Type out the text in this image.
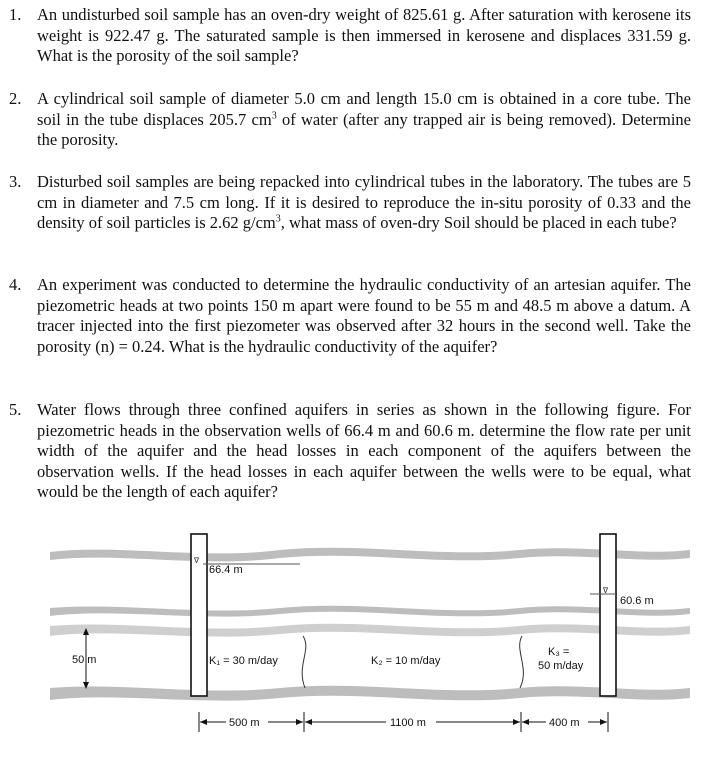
1. An undisturbed soil sample has an oven-dry weight of 825.61 g. After saturation with kerosene its weight is 922.47 g. The saturated sample is then immersed in kerosene and displaces 331.59 g. What is the porosity of the soil sample?
2. A cylindrical soil sample of diameter 5.0 cm and length 15.0 cm is obtained in a core tube. The soil in the tube displaces 205.7 $cm^3$ of water (after any trapped air is being removed). Determine the porosity.
3. Disturbed soil samples are being repacked into cylindrical tubes in the laboratory. The tubes are 5 cm in diameter and 7.5 cm long. If it is desired to reproduce the in-situ porosity of 0.33 and the density of soil particles is 2.62 $g/cm^3$, what mass of oven-dry Soil should be placed in each tube?
4. An experiment was conducted to determine the hydraulic conductivity of an artesian aquifer. The piezometric heads at two points 150 m apart were found to be 55 m and 48.5 m above a datum. A tracer injected into the first piezometer was observed after 32 hours in the second well. Take the porosity (n) = 0.24. What is the hydraulic conductivity of the aquifer?
5. Water flows through three confined aquifers in series as shown in the following figure. For piezometric heads in the observation wells of 66.4 m and 60.6 m. determine the flow rate per unit width of the aquifer and the head losses in each component of the aquifers between the observation wells. If the head losses in each aquifer between the wells were to be equal, what would be the length of each aquifer?
∇
66.4 m
∇
60.6 m
50 m	K₁ = 30 m/day	K₂ = 10 m/day
K₃ =
50 m/day
500 m	1100 m	400 m
